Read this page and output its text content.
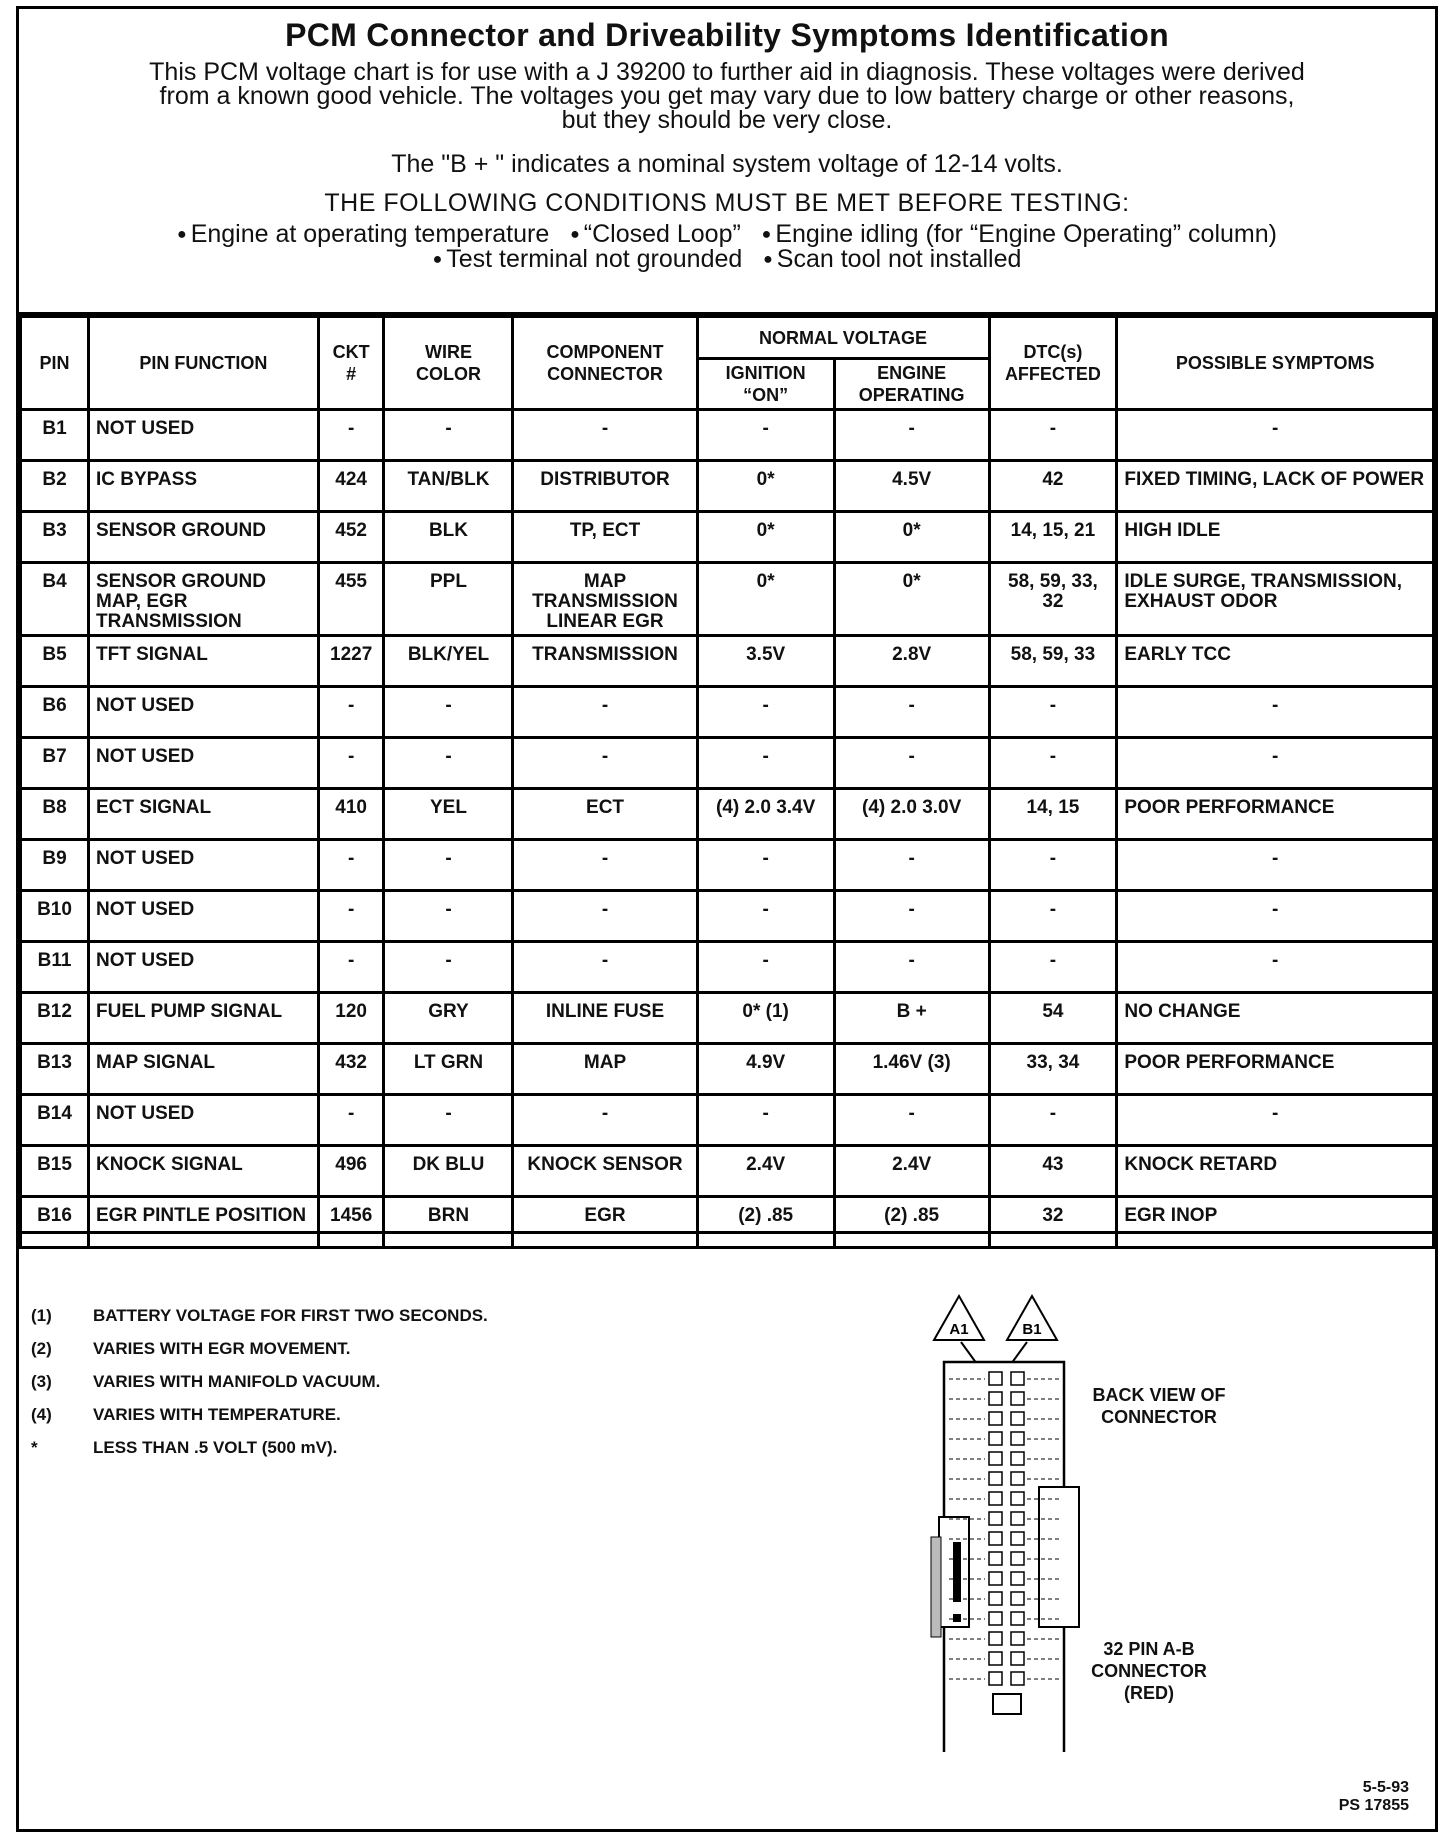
PCM Connector and Driveability Symptoms Identification
This PCM voltage chart is for use with a J 39200 to further aid in diagnosis. These voltages were derived
from a known good vehicle. The voltages you get may vary due to low battery charge or other reasons,
but they should be very close.
The "B + " indicates a nominal system voltage of 12-14 volts.
THE FOLLOWING CONDITIONS MUST BE MET BEFORE TESTING:
● Engine at operating temperature ● “Closed Loop” ● Engine idling (for “Engine Operating” column)
● Test terminal not grounded ● Scan tool not installed
PIN	PIN FUNCTION	CKT #	WIRE COLOR	COMPONENT CONNECTOR	NORMAL VOLTAGE		DTC(s) AFFECTED	POSSIBLE SYMPTOMS
					IGNITION “ON”	ENGINE OPERATING		
B1	NOT USED	-	-	-	-	-	-	-
B2	IC BYPASS	424	TAN/BLK	DISTRIBUTOR	0*	4.5V	42	FIXED TIMING, LACK OF POWER
B3	SENSOR GROUND	452	BLK	TP, ECT	0*	0*	14, 15, 21	HIGH IDLE
B4	SENSOR GROUND MAP, EGR TRANSMISSION	455	PPL	MAP TRANSMISSION LINEAR EGR	0*	0*	58, 59, 33, 32	IDLE SURGE, TRANSMISSION, EXHAUST ODOR
B5	TFT SIGNAL	1227	BLK/YEL	TRANSMISSION	3.5V	2.8V	58, 59, 33	EARLY TCC
B6	NOT USED	-	-	-	-	-	-	-
B7	NOT USED	-	-	-	-	-	-	-
B8	ECT SIGNAL	410	YEL	ECT	(4) 2.0 3.4V	(4) 2.0 3.0V	14, 15	POOR PERFORMANCE
B9	NOT USED	-	-	-	-	-	-	-
B10	NOT USED	-	-	-	-	-	-	-
B11	NOT USED	-	-	-	-	-	-	-
B12	FUEL PUMP SIGNAL	120	GRY	INLINE FUSE	0* (1)	B +	54	NO CHANGE
B13	MAP SIGNAL	432	LT GRN	MAP	4.9V	1.46V (3)	33, 34	POOR PERFORMANCE
B14	NOT USED	-	-	-	-	-	-	-
B15	KNOCK SIGNAL	496	DK BLU	KNOCK SENSOR	2.4V	2.4V	43	KNOCK RETARD
B16	EGR PINTLE POSITION	1456	BRN	EGR	(2) .85	(2) .85	32	EGR INOP
(1)	BATTERY VOLTAGE FOR FIRST TWO SECONDS.
(2)	VARIES WITH EGR MOVEMENT.
(3)	VARIES WITH MANIFOLD VACUUM.
(4)	VARIES WITH TEMPERATURE.
*	LESS THAN .5 VOLT (500 mV).
A1	B1
BACK VIEW OF CONNECTOR
32 PIN A-B CONNECTOR (RED)
5-5-93
PS 17855
